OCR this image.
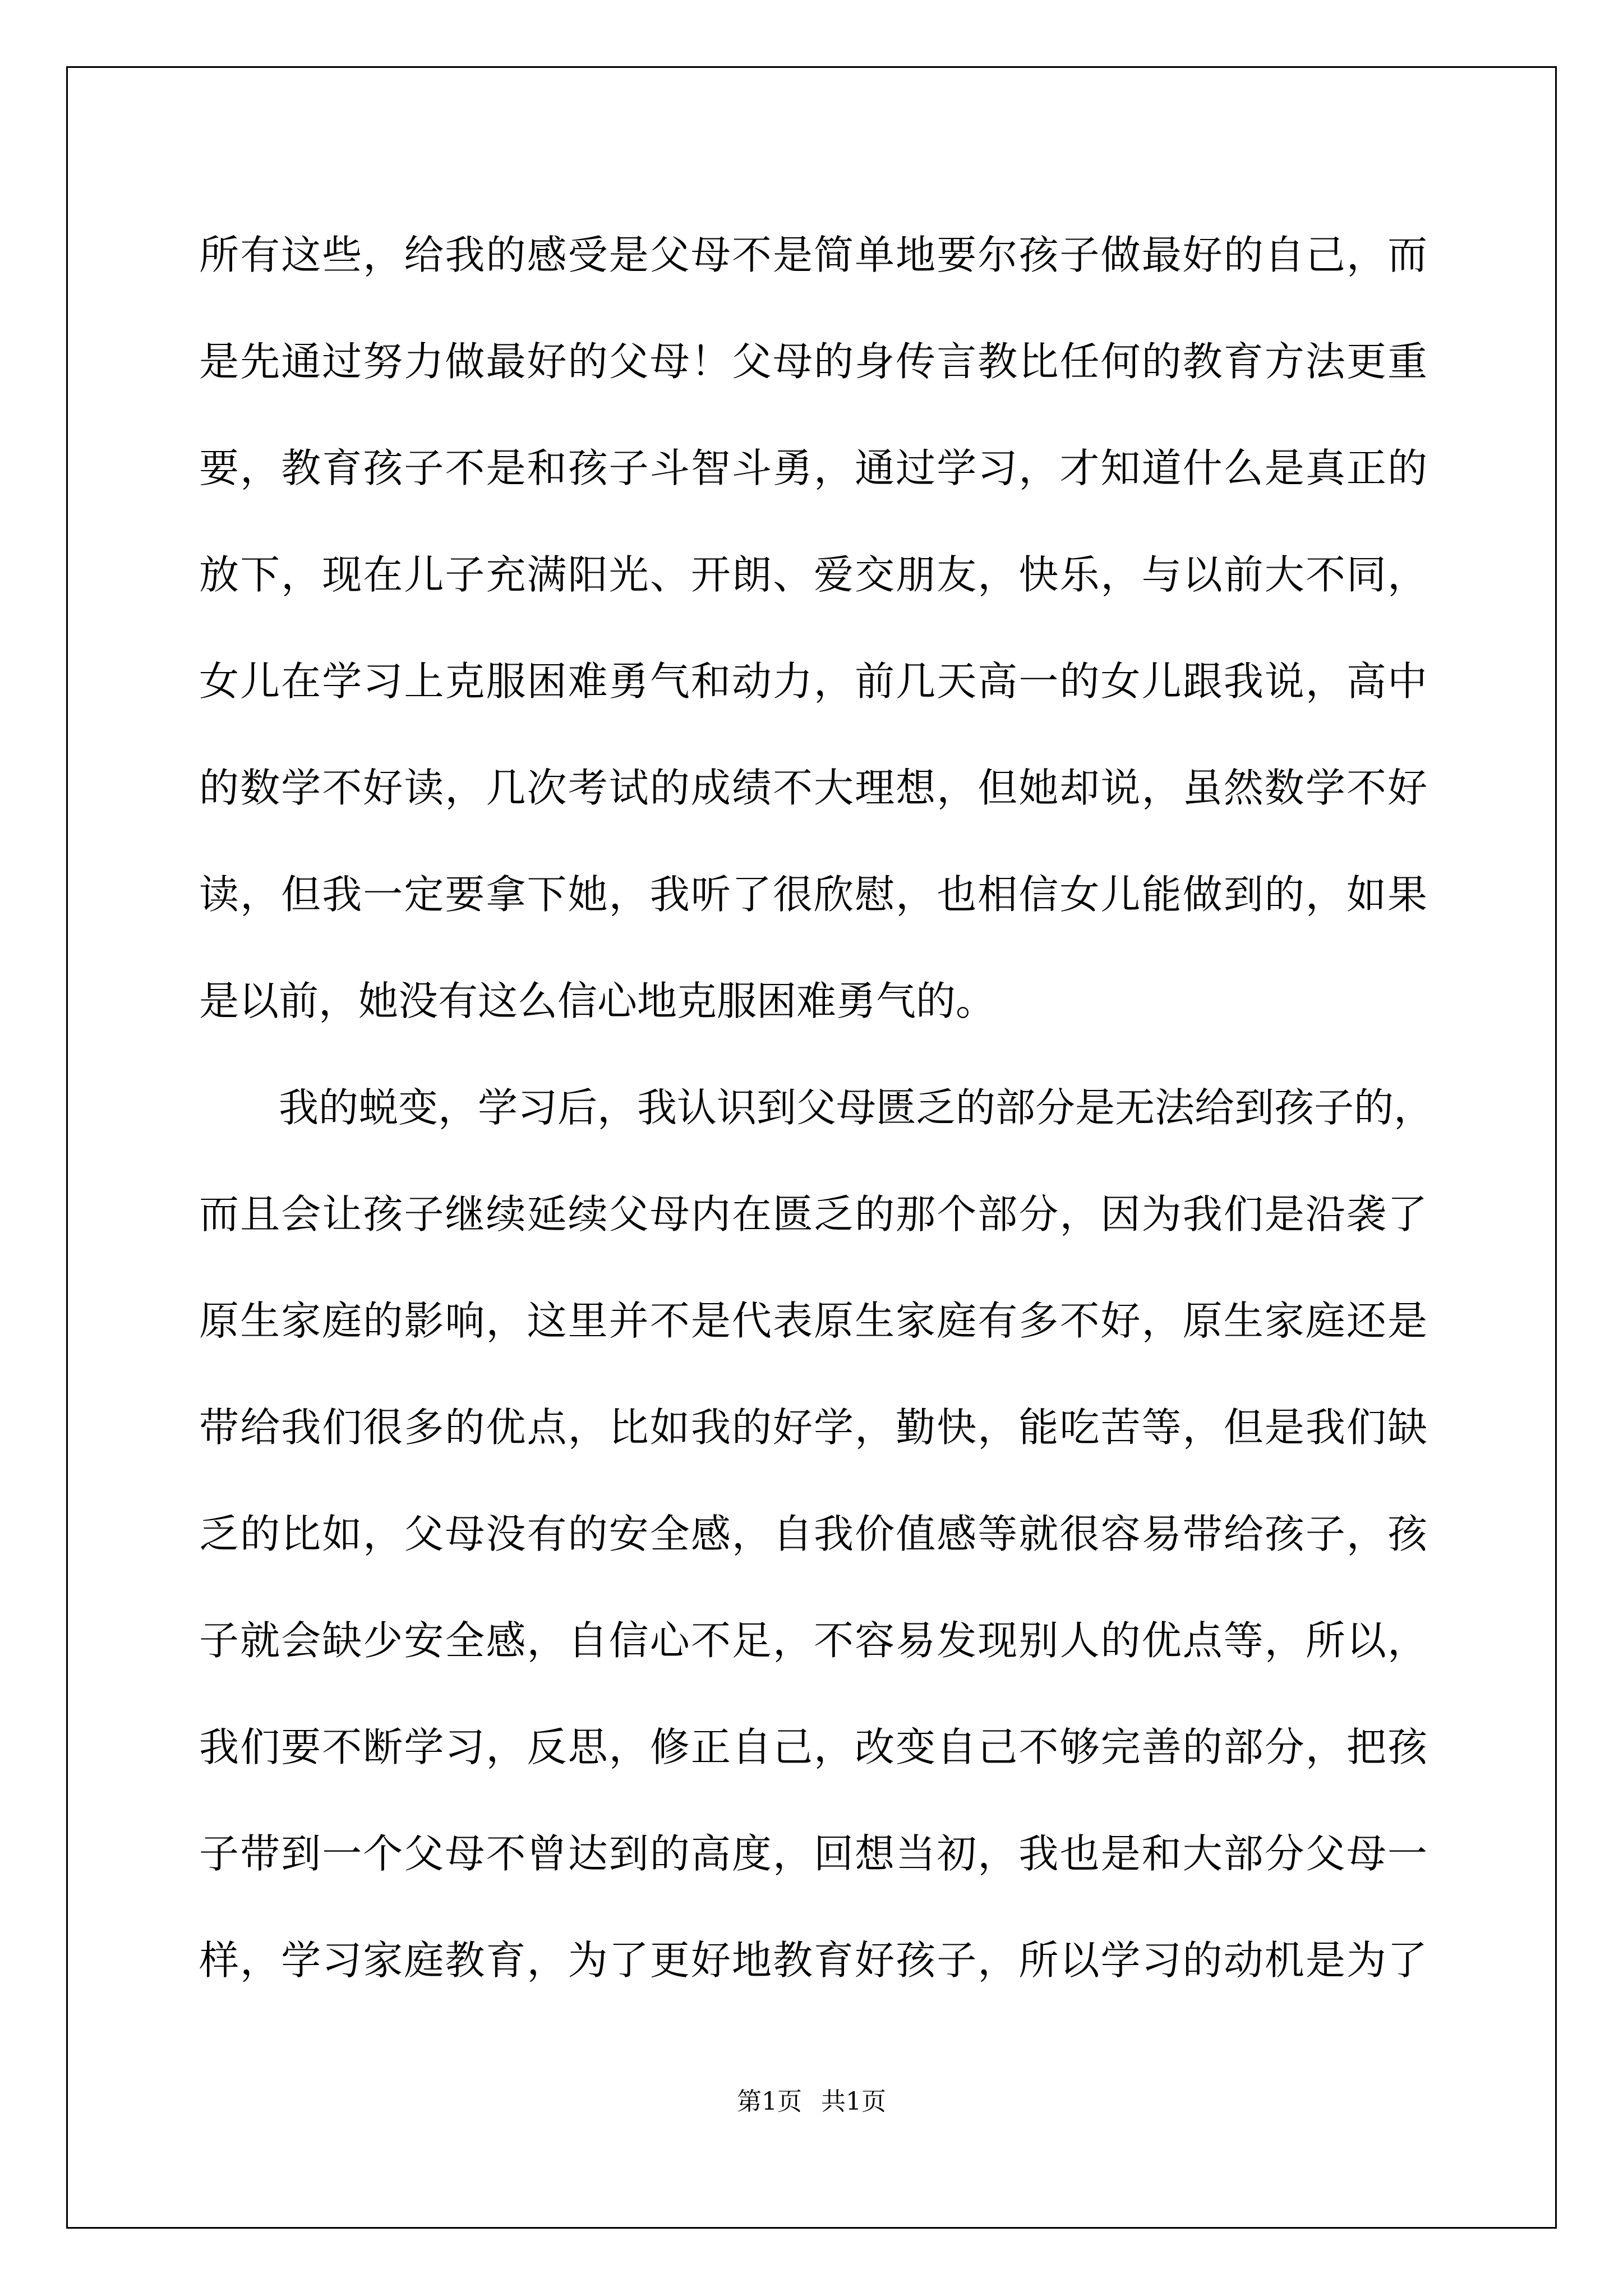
所有这些，给我的感受是父母不是简单地要尔孩子做最好的自己，而
是先通过努力做最好的父母！父母的身传言教比任何的教育方法更重
要，教育孩子不是和孩子斗智斗勇，通过学习，才知道什么是真正的
放下，现在儿子充满阳光、开朗、爱交朋友，快乐，与以前大不同，
女儿在学习上克服困难勇气和动力，前几天高一的女儿跟我说，高中
的数学不好读，几次考试的成绩不大理想，但她却说，虽然数学不好
读，但我一定要拿下她，我听了很欣慰，也相信女儿能做到的，如果
是以前，她没有这么信心地克服困难勇气的。
　　我的蜕变，学习后，我认识到父母匮乏的部分是无法给到孩子的，
而且会让孩子继续延续父母内在匮乏的那个部分，因为我们是沿袭了
原生家庭的影响，这里并不是代表原生家庭有多不好，原生家庭还是
带给我们很多的优点，比如我的好学，勤快，能吃苦等，但是我们缺
乏的比如，父母没有的安全感，自我价值感等就很容易带给孩子，孩
子就会缺少安全感，自信心不足，不容易发现别人的优点等，所以，
我们要不断学习，反思，修正自己，改变自己不够完善的部分，把孩
子带到一个父母不曾达到的高度，回想当初，我也是和大部分父母一
样，学习家庭教育，为了更好地教育好孩子，所以学习的动机是为了
第1页 共1页
